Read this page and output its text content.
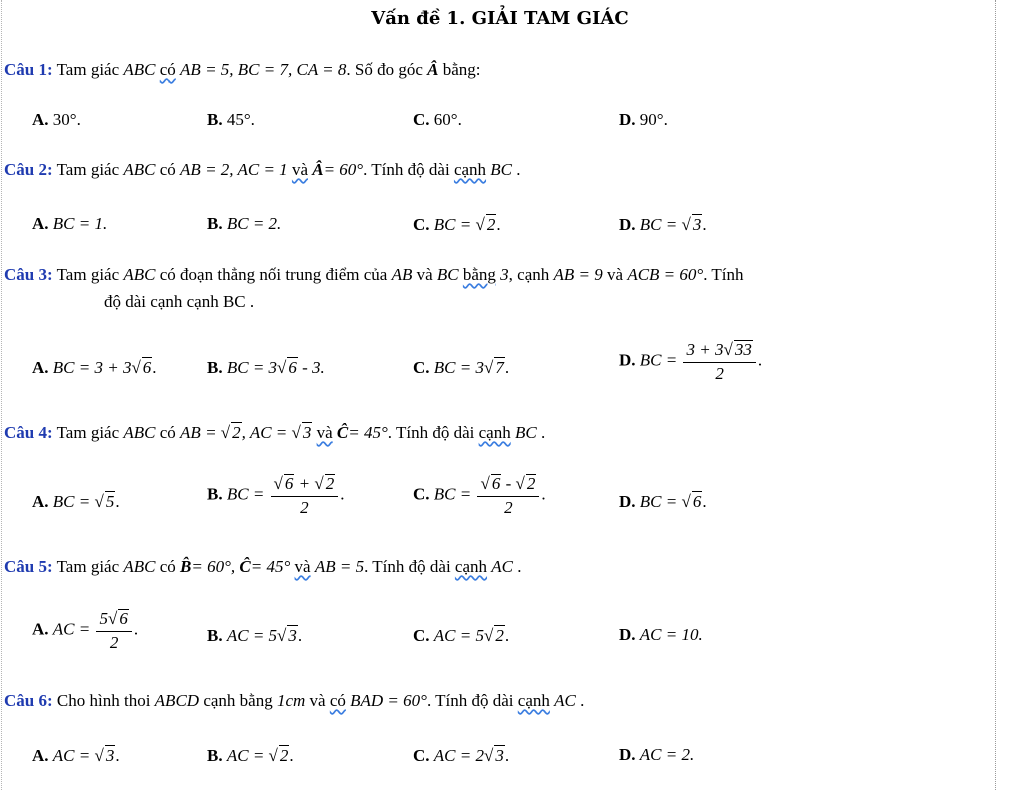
Vấn đề 1. GIẢI TAM GIÁC
Câu 1: Tam giác ABC có AB = 5, BC = 7, CA = 8. Số đo góc Â bằng:
A. 30°.	B. 45°.	C. 60°.	D. 90°.
Câu 2: Tam giác ABC có AB = 2, AC = 1 và Â= 60°. Tính độ dài cạnh BC .
A. BC = 1.	B. BC = 2.	C. BC = √ 2.	D. BC = √ 3.
Câu 3: Tam giác ABC có đoạn thẳng nối trung điểm của AB và BC bằng 3, cạnh AB = 9 và ACB = 60°. Tính
độ dài cạnh cạnh BC .
A. BC = 3 + 3√ 6.	B. BC = 3√ 6 - 3.	C. BC = 3√ 7.	D. BC = $\frac{3 + 3√ 33}{2}$ .
Câu 4: Tam giác ABC có AB = √ 2, AC = √ 3 và Ĉ= 45°. Tính độ dài cạnh BC .
A. BC = √ 5.	B. BC = $\frac{√ 6 + √ 2}{2}$ .	C. BC = $\frac{√ 6 - √ 2}{2}$ .	D. BC = √ 6.
Câu 5: Tam giác ABC có B̂= 60°, Ĉ= 45° và AB = 5. Tính độ dài cạnh AC .
A. AC = $\frac{5√ 6}{2}$ .	B. AC = 5√ 3.	C. AC = 5√ 2.	D. AC = 10.
Câu 6: Cho hình thoi ABCD cạnh bằng 1cm và có BAD = 60°. Tính độ dài cạnh AC .
A. AC = √ 3.	B. AC = √ 2.	C. AC = 2√ 3.	D. AC = 2.
